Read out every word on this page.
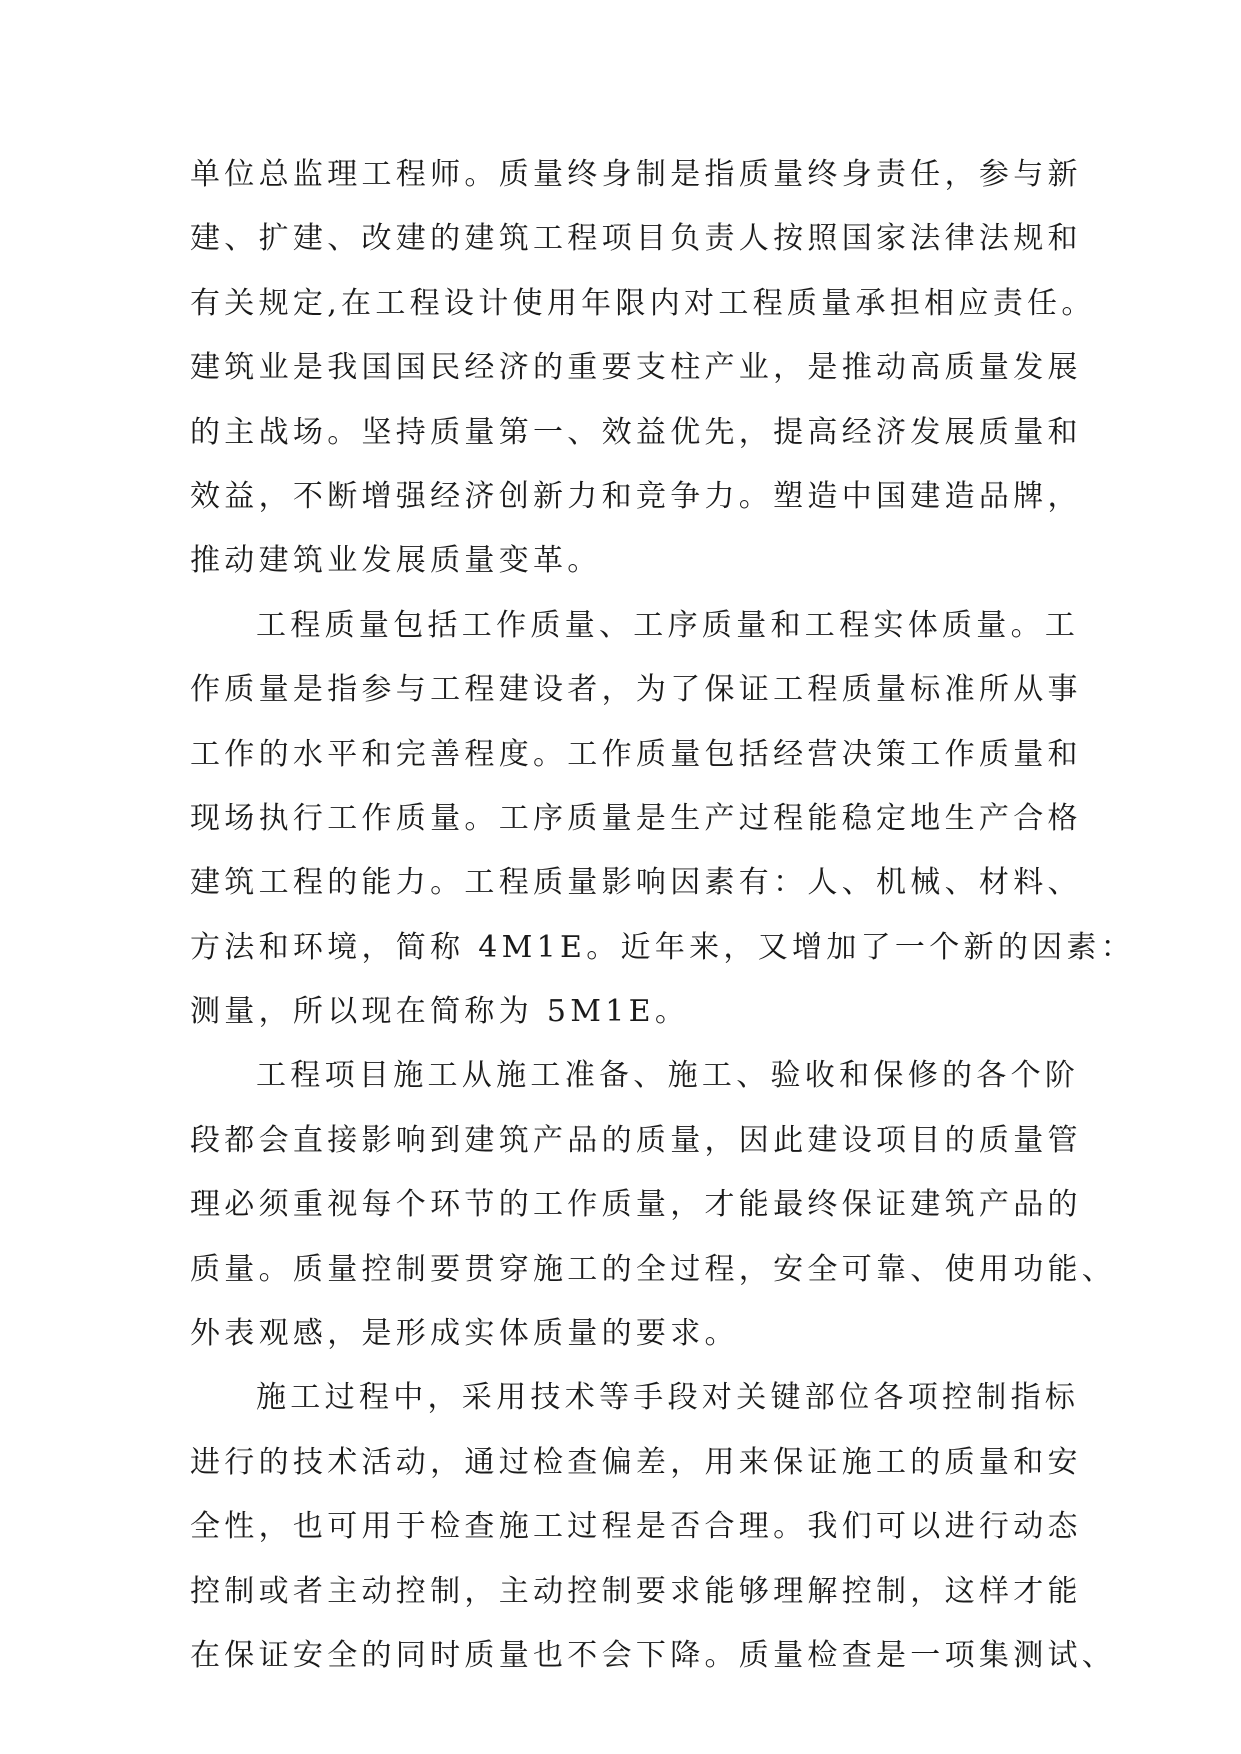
单位总监理工程师。质量终身制是指质量终身责任，参与新
建、扩建、改建的建筑工程项目负责人按照国家法律法规和
有关规定,在工程设计使用年限内对工程质量承担相应责任。
建筑业是我国国民经济的重要支柱产业，是推动高质量发展
的主战场。坚持质量第一、效益优先，提高经济发展质量和
效益，不断增强经济创新力和竞争力。塑造中国建造品牌，
推动建筑业发展质量变革。
工程质量包括工作质量、工序质量和工程实体质量。工
作质量是指参与工程建设者，为了保证工程质量标准所从事
工作的水平和完善程度。工作质量包括经营决策工作质量和
现场执行工作质量。工序质量是生产过程能稳定地生产合格
建筑工程的能力。工程质量影响因素有：人、机械、材料、
方法和环境，简称 4M1E。近年来，又增加了一个新的因素：
测量，所以现在简称为 5M1E。
工程项目施工从施工准备、施工、验收和保修的各个阶
段都会直接影响到建筑产品的质量，因此建设项目的质量管
理必须重视每个环节的工作质量，才能最终保证建筑产品的
质量。质量控制要贯穿施工的全过程，安全可靠、使用功能、
外表观感，是形成实体质量的要求。
施工过程中，采用技术等手段对关键部位各项控制指标
进行的技术活动，通过检查偏差，用来保证施工的质量和安
全性，也可用于检查施工过程是否合理。我们可以进行动态
控制或者主动控制，主动控制要求能够理解控制，这样才能
在保证安全的同时质量也不会下降。质量检查是一项集测试、
